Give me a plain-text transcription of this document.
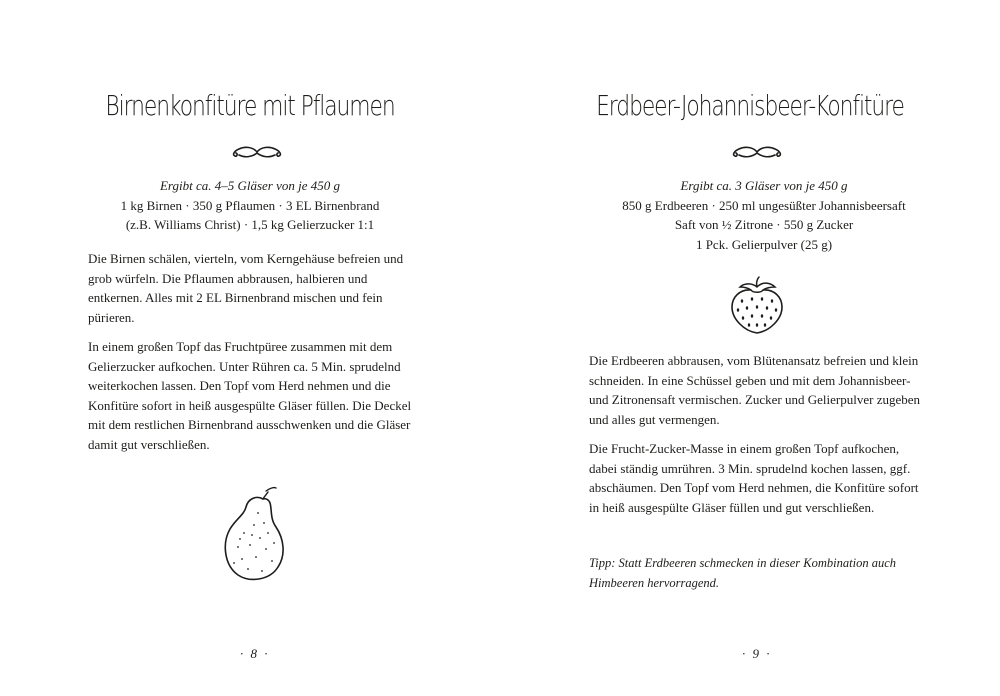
Birnenkonfitüre mit Pflaumen
Ergibt ca. 4–5 Gläser von je 450 g
1 kg Birnen · 350 g Pflaumen · 3 EL Birnenbrand
(z.B. Williams Christ) · 1,5 kg Gelierzucker 1:1

Die Birnen schälen, vierteln, vom Kerngehäuse befreien und grob würfeln. Die Pflaumen abbrausen, halbieren und entkernen. Alles mit 2 EL Birnenbrand mischen und fein pürieren.

In einem großen Topf das Fruchtpüree zusammen mit dem Gelierzucker aufkochen. Unter Rühren ca. 5 Min. sprudelnd weiterkochen lassen. Den Topf vom Herd nehmen und die Konfitüre sofort in heiß ausgespülte Gläser füllen. Die Deckel mit dem restlichen Birnenbrand ausschwenken und die Gläser damit gut verschließen.

· 8 ·
Erdbeer-Johannisbeer-Konfitüre
Ergibt ca. 3 Gläser von je 450 g
850 g Erdbeeren · 250 ml ungesüßter Johannisbeersaft
Saft von ½ Zitrone · 550 g Zucker
1 Pck. Gelierpulver (25 g)

Die Erdbeeren abbrausen, vom Blütenansatz befreien und klein schneiden. In eine Schüssel geben und mit dem Johannisbeer- und Zitronensaft vermischen. Zucker und Gelierpulver zugeben und alles gut vermengen.

Die Frucht-Zucker-Masse in einem großen Topf aufkochen, dabei ständig umrühren. 3 Min. sprudelnd kochen lassen, ggf. abschäumen. Den Topf vom Herd nehmen, die Konfitüre sofort in heiß ausgespülte Gläser füllen und gut verschließen.

Tipp: Statt Erdbeeren schmecken in dieser Kombination auch Himbeeren hervorragend.
· 9 ·
